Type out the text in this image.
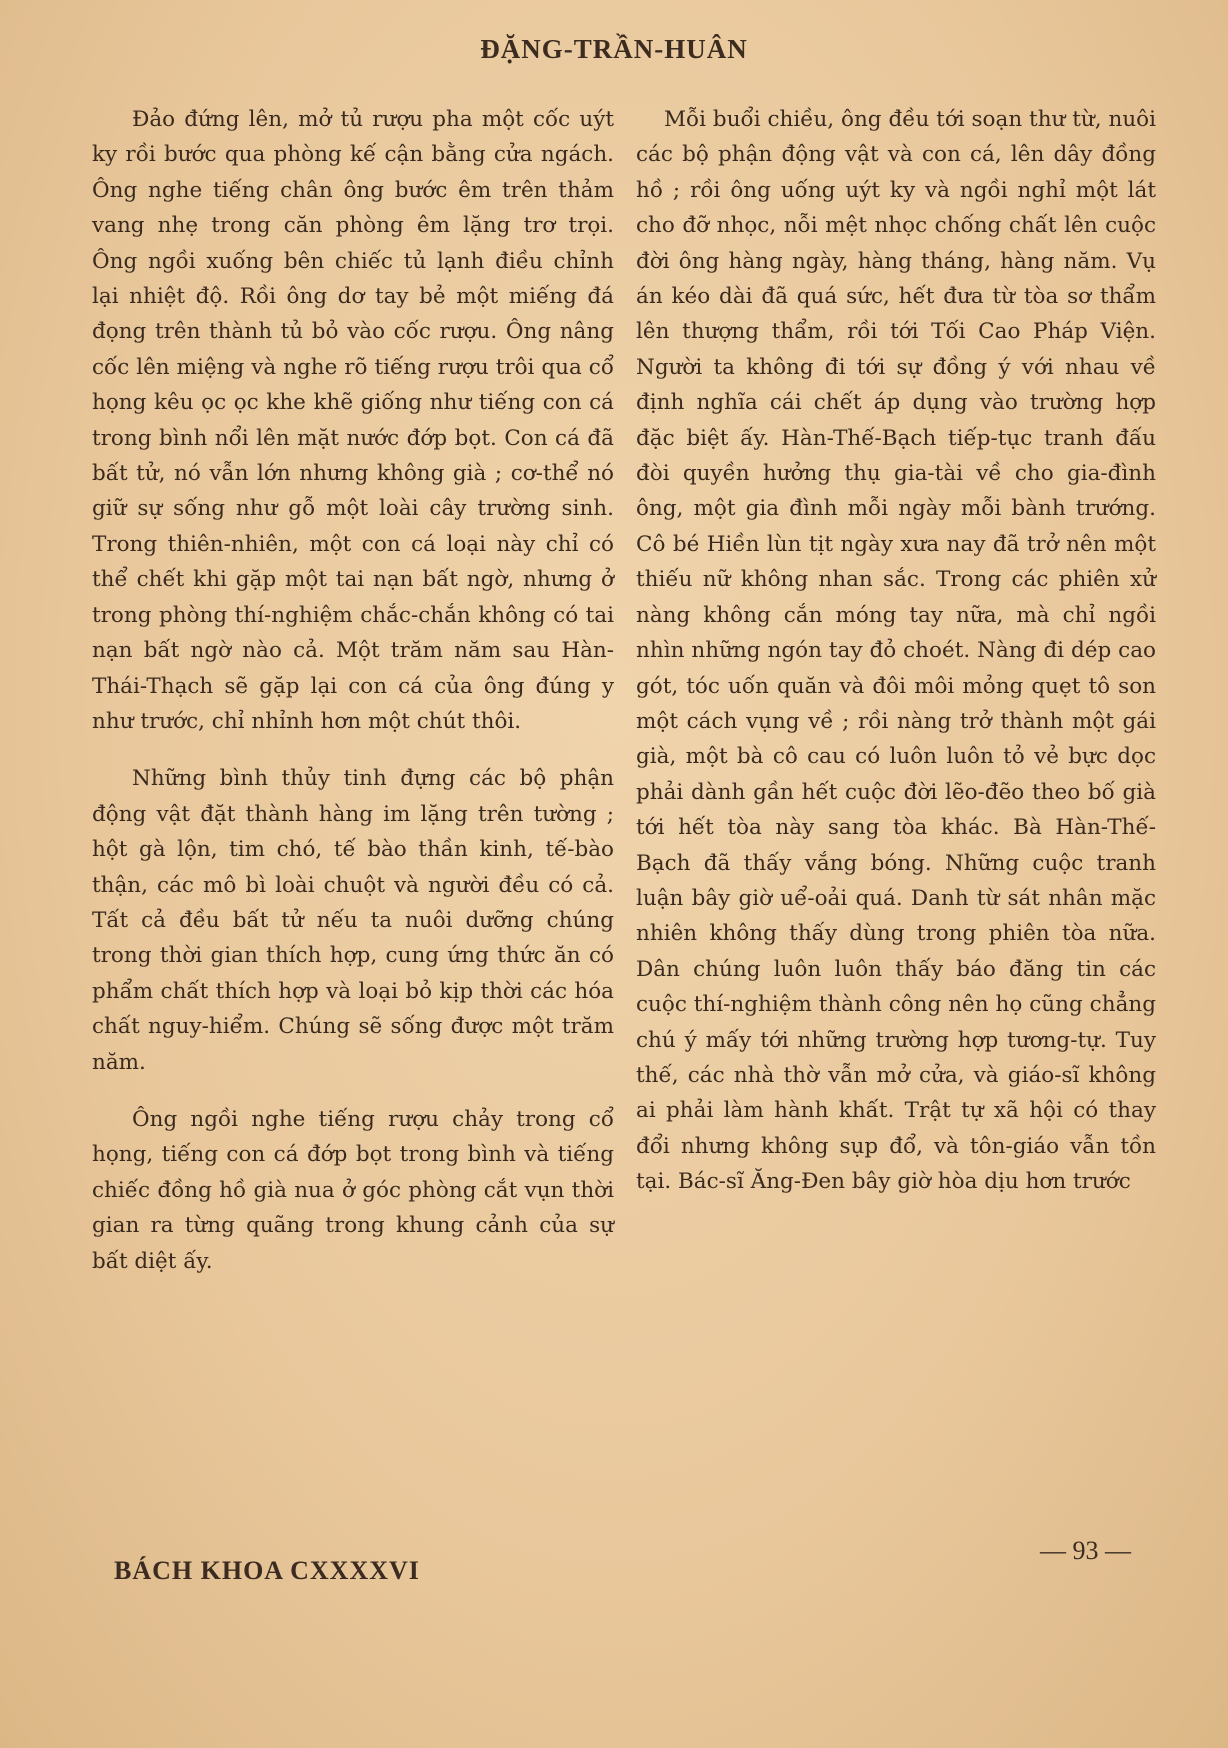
ĐẶNG-TRẦN-HUÂN

Đảo đứng lên, mở tủ rượu pha một cốc uýt ky rồi bước qua phòng kế cận bằng cửa ngách. Ông nghe tiếng chân ông bước êm trên thảm vang nhẹ trong căn phòng êm lặng trơ trọi. Ông ngồi xuống bên chiếc tủ lạnh điều chỉnh lại nhiệt độ. Rồi ông dơ tay bẻ một miếng đá đọng trên thành tủ bỏ vào cốc rượu. Ông nâng cốc lên miệng và nghe rõ tiếng rượu trôi qua cổ họng kêu ọc ọc khe khẽ giống như tiếng con cá trong bình nổi lên mặt nước đớp bọt. Con cá đã bất tử, nó vẫn lớn nhưng không già ; cơ-thể nó giữ sự sống như gỗ một loài cây trường sinh. Trong thiên-nhiên, một con cá loại này chỉ có thể chết khi gặp một tai nạn bất ngờ, nhưng ở trong phòng thí-nghiệm chắc-chắn không có tai nạn bất ngờ nào cả. Một trăm năm sau Hàn-Thái-Thạch sẽ gặp lại con cá của ông đúng y như trước, chỉ nhỉnh hơn một chút thôi.

Những bình thủy tinh đựng các bộ phận động vật đặt thành hàng im lặng trên tường ; hột gà lộn, tim chó, tế bào thần kinh, tế-bào thận, các mô bì loài chuột và người đều có cả. Tất cả đều bất tử nếu ta nuôi dưỡng chúng trong thời gian thích hợp, cung ứng thức ăn có phẩm chất thích hợp và loại bỏ kịp thời các hóa chất nguy-hiểm. Chúng sẽ sống được một trăm năm.

Ông ngồi nghe tiếng rượu chảy trong cổ họng, tiếng con cá đớp bọt trong bình và tiếng chiếc đồng hồ già nua ở góc phòng cắt vụn thời gian ra từng quãng trong khung cảnh của sự bất diệt ấy.

Mỗi buổi chiều, ông đều tới soạn thư từ, nuôi các bộ phận động vật và con cá, lên dây đồng hồ ; rồi ông uống uýt ky và ngồi nghỉ một lát cho đỡ nhọc, nỗi mệt nhọc chống chất lên cuộc đời ông hàng ngày, hàng tháng, hàng năm. Vụ án kéo dài đã quá sức, hết đưa từ tòa sơ thẩm lên thượng thẩm, rồi tới Tối Cao Pháp Viện. Người ta không đi tới sự đồng ý với nhau về định nghĩa cái chết áp dụng vào trường hợp đặc biệt ấy. Hàn-Thế-Bạch tiếp-tục tranh đấu đòi quyền hưởng thụ gia-tài về cho gia-đình ông, một gia đình mỗi ngày mỗi bành trướng. Cô bé Hiền lùn tịt ngày xưa nay đã trở nên một thiếu nữ không nhan sắc. Trong các phiên xử nàng không cắn móng tay nữa, mà chỉ ngồi nhìn những ngón tay đỏ choét. Nàng đi dép cao gót, tóc uốn quăn và đôi môi mỏng quẹt tô son một cách vụng về ; rồi nàng trở thành một gái già, một bà cô cau có luôn luôn tỏ vẻ bực dọc phải dành gần hết cuộc đời lẽo-đẽo theo bố già tới hết tòa này sang tòa khác. Bà Hàn-Thế-Bạch đã thấy vắng bóng. Những cuộc tranh luận bây giờ uể-oải quá. Danh từ sát nhân mặc nhiên không thấy dùng trong phiên tòa nữa. Dân chúng luôn luôn thấy báo đăng tin các cuộc thí-nghiệm thành công nên họ cũng chẳng chú ý mấy tới những trường hợp tương-tự. Tuy thế, các nhà thờ vẫn mở cửa, và giáo-sĩ không ai phải làm hành khất. Trật tự xã hội có thay đổi nhưng không sụp đổ, và tôn-giáo vẫn tồn tại. Bác-sĩ Ăng-Đen bây giờ hòa dịu hơn trước

BÁCH KHOA CXXXXVI
— 93 —
